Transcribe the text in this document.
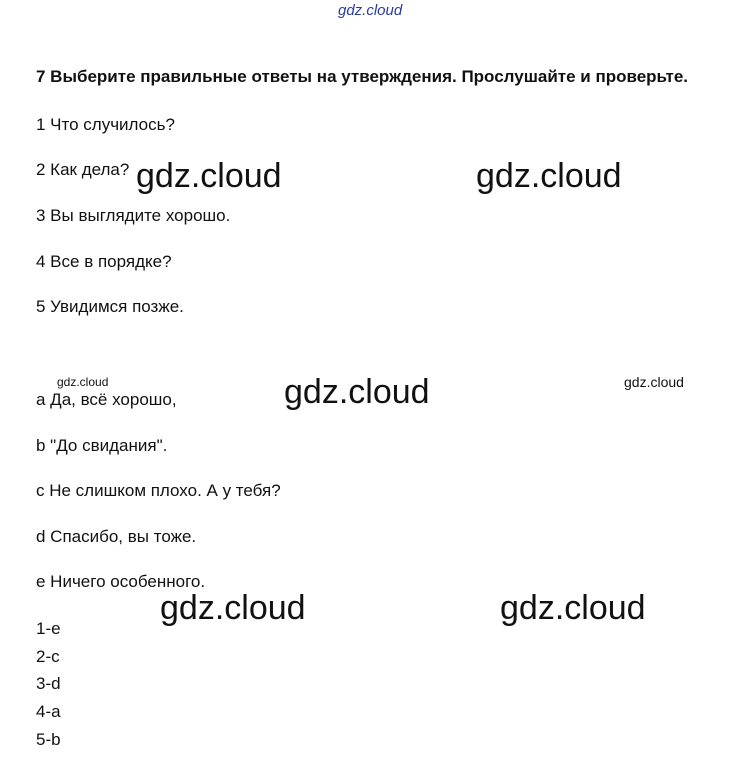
gdz.cloud
7 Выберите правильные ответы на утверждения. Прослушайте и проверьте.
1 Что случилось?
2 Как дела?
3 Вы выглядите хорошо.
4 Все в порядке?
5 Увидимся позже.
a Да, всё хорошо,
b "До свидания".
c Не слишком плохо. А у тебя?
d Спасибо, вы тоже.
e Ничего особенного.
1-e
2-c
3-d
4-a
5-b
gdz.cloud	gdz.cloud
gdz.cloud
gdz.cloud	gdz.cloud
gdz.cloud	gdz.cloud
